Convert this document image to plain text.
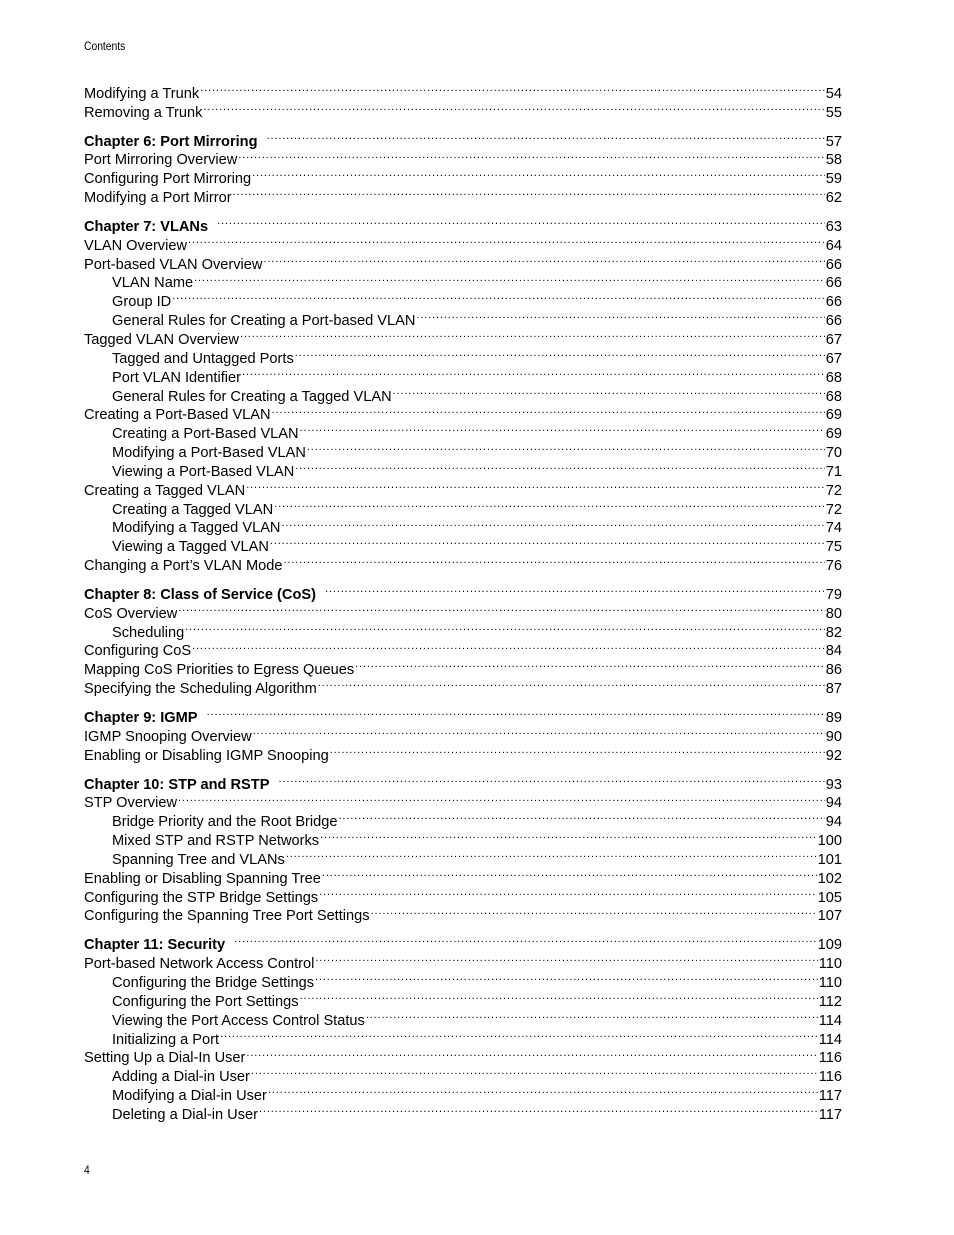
Contents
Modifying a Trunk . . .	54
Removing a Trunk . . .	55
Chapter 6: Port Mirroring . . .	57
Port Mirroring Overview . . .	58
Configuring Port Mirroring . . .	59
Modifying a Port Mirror . . .	62
Chapter 7: VLANs . . .	63
VLAN Overview . . .	64
Port-based VLAN Overview . . .	66
VLAN Name . . .	66
Group ID . . .	66
General Rules for Creating a Port-based VLAN . . .	66
Tagged VLAN Overview . . .	67
Tagged and Untagged Ports . . .	67
Port VLAN Identifier . . .	68
General Rules for Creating a Tagged VLAN . . .	68
Creating a Port-Based VLAN . . .	69
Creating a Port-Based VLAN . . .	69
Modifying a Port-Based VLAN . . .	70
Viewing a Port-Based VLAN . . .	71
Creating a Tagged VLAN . . .	72
Creating a Tagged VLAN . . .	72
Modifying a Tagged VLAN . . .	74
Viewing a Tagged VLAN . . .	75
Changing a Port’s VLAN Mode . . .	76
Chapter 8: Class of Service (CoS) . . .	79
CoS Overview . . .	80
Scheduling . . .	82
Configuring CoS . . .	84
Mapping CoS Priorities to Egress Queues . . .	86
Specifying the Scheduling Algorithm . . .	87
Chapter 9: IGMP . . .	89
IGMP Snooping Overview . . .	90
Enabling or Disabling IGMP Snooping . . .	92
Chapter 10: STP and RSTP . . .	93
STP Overview . . .	94
Bridge Priority and the Root Bridge . . .	94
Mixed STP and RSTP Networks . . .	100
Spanning Tree and VLANs . . .	101
Enabling or Disabling Spanning Tree . . .	102
Configuring the STP Bridge Settings . . .	105
Configuring the Spanning Tree Port Settings . . .	107
Chapter 11: Security . . .	109
Port-based Network Access Control . . .	110
Configuring the Bridge Settings . . .	110
Configuring the Port Settings . . .	112
Viewing the Port Access Control Status . . .	114
Initializing a Port . . .	114
Setting Up a Dial-In User . . .	116
Adding a Dial-in User . . .	116
Modifying a Dial-in User . . .	117
Deleting a Dial-in User . . .	117
4
